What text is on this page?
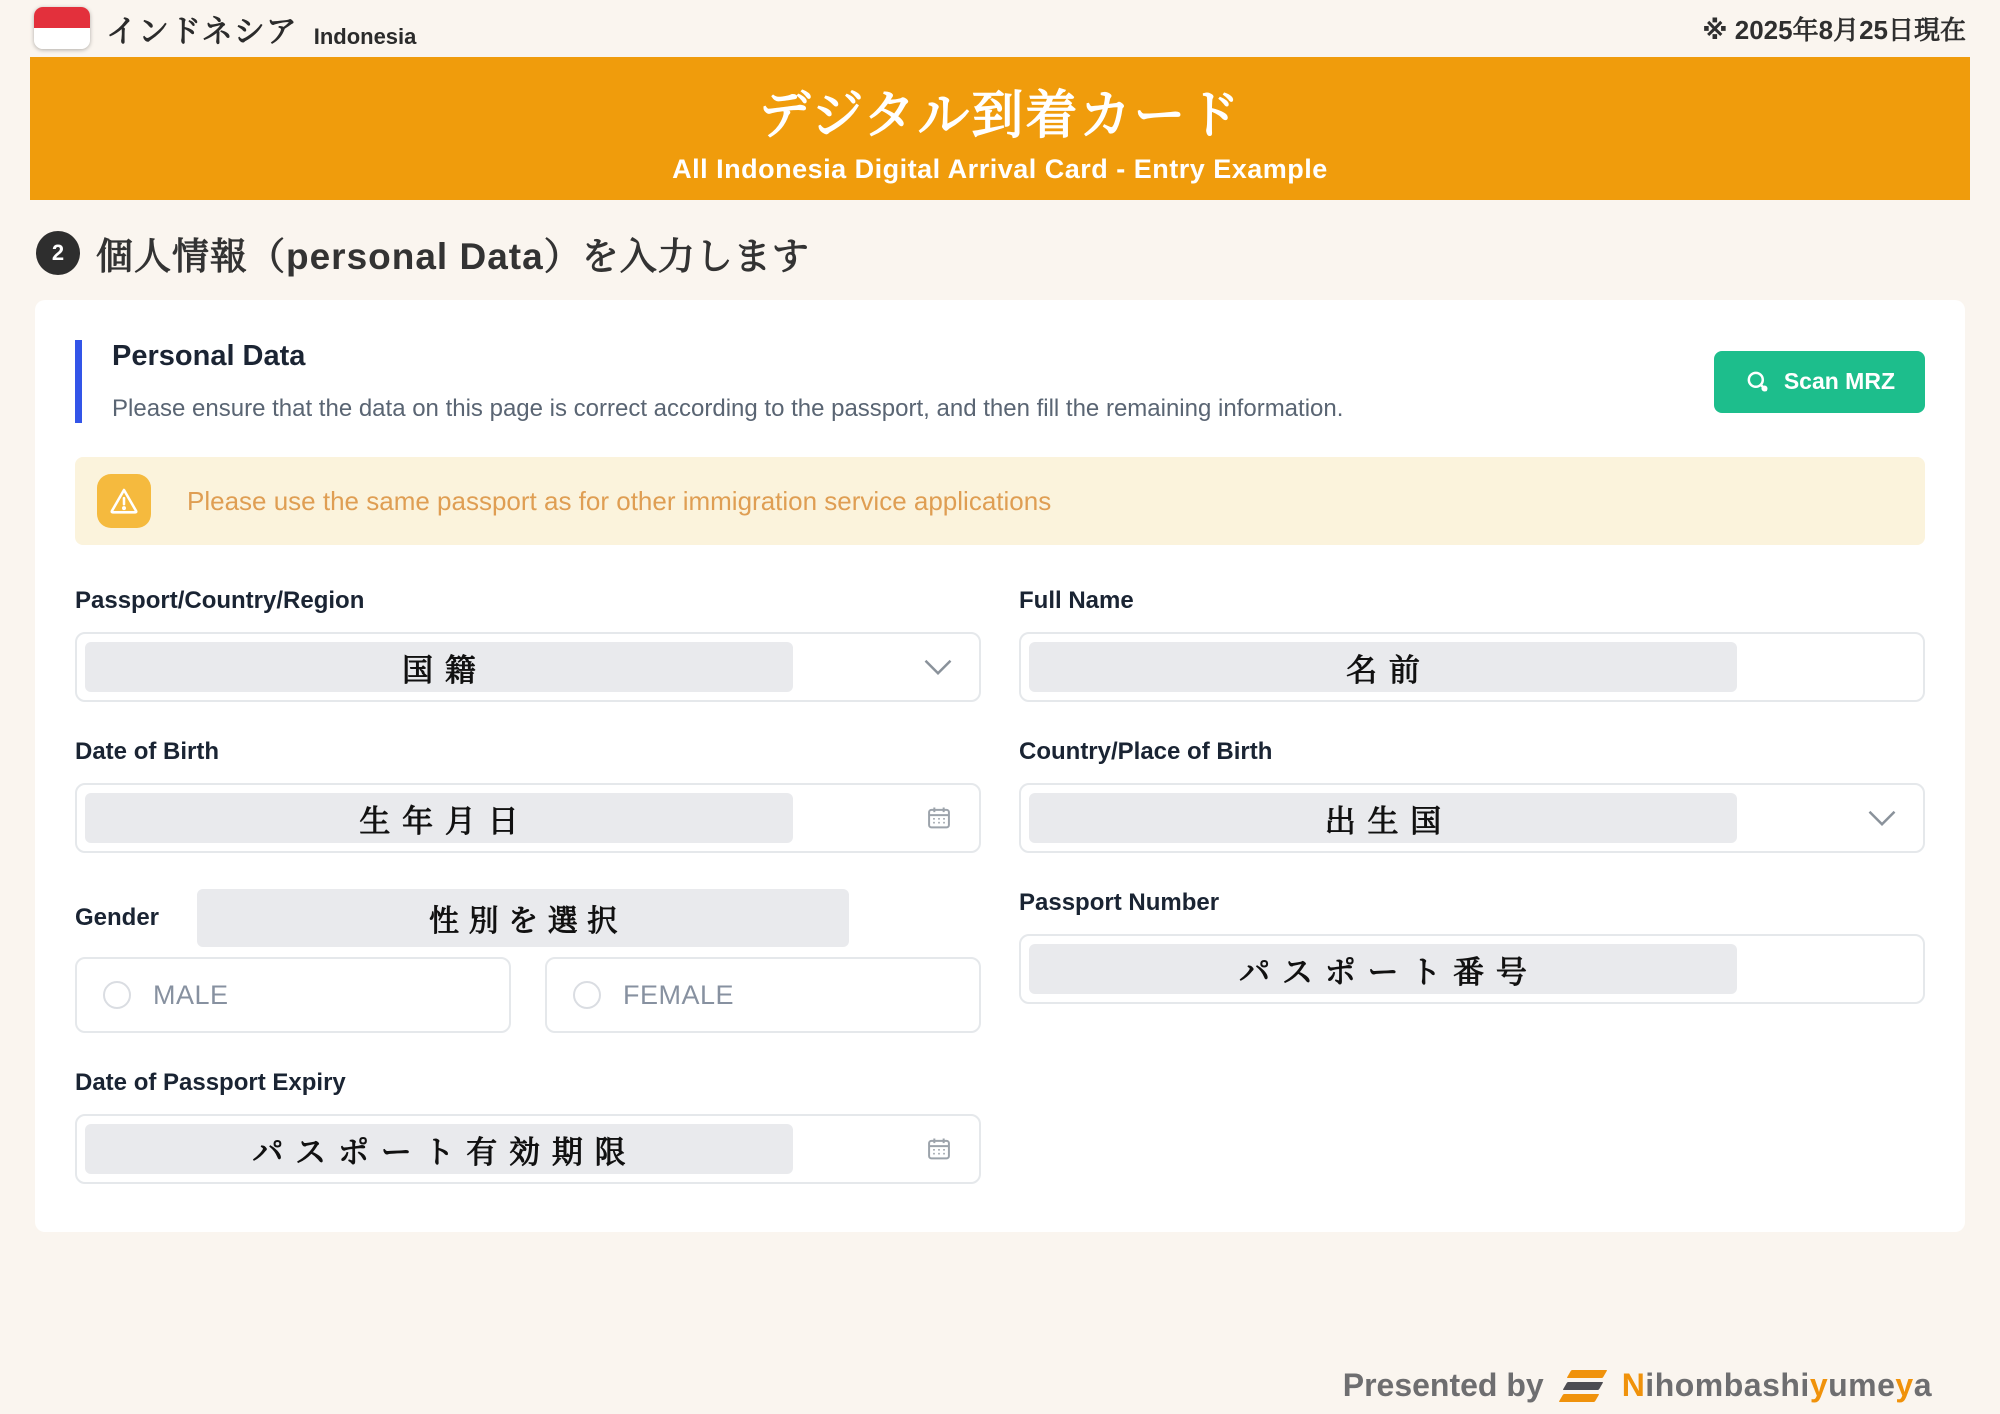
インドネシア Indonesia	※ 2025年8月25日現在
デジタル到着カード
All Indonesia Digital Arrival Card - Entry Example
2 個人情報（personal Data）を入力します
Personal Data
Please ensure that the data on this page is correct according to the passport, and then fill the remaining information.
Scan MRZ
Please use the same passport as for other immigration service applications
Passport/Country/Region
国籍
Full Name
名前
Date of Birth
生年月日
Country/Place of Birth
出生国
Gender	性別を選択
MALE	FEMALE
Passport Number
パスポート番号
Date of Passport Expiry
パスポート有効期限
Presented by Nihombashiyumeya
